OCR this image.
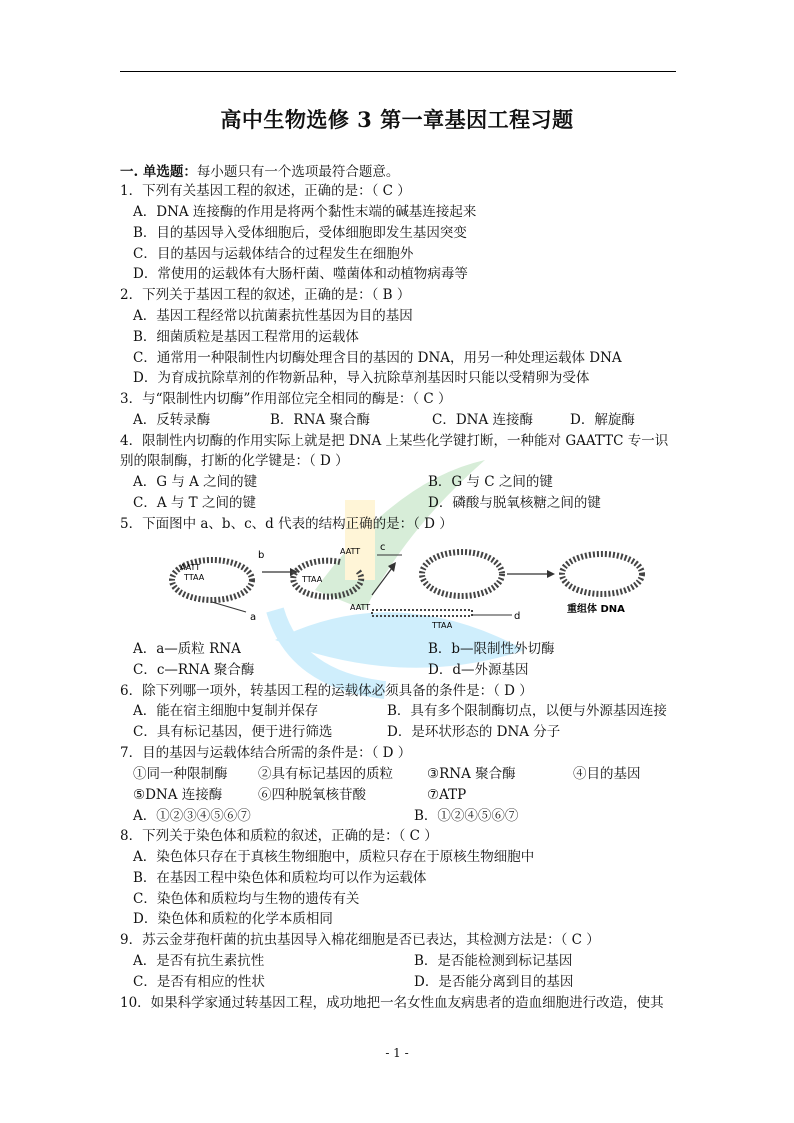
高中生物选修 3 第一章基因工程习题
一. 单选题：每小题只有一个选项最符合题意。
1．下列有关基因工程的叙述，正确的是：（ C ）
A．DNA 连接酶的作用是将两个黏性末端的碱基连接起来
B．目的基因导入受体细胞后，受体细胞即发生基因突变
C．目的基因与运载体结合的过程发生在细胞外
D．常使用的运载体有大肠杆菌、噬菌体和动植物病毒等
2．下列关于基因工程的叙述，正确的是：（ B ）
A．基因工程经常以抗菌素抗性基因为目的基因
B．细菌质粒是基因工程常用的运载体
C．通常用一种限制性内切酶处理含目的基因的 DNA，用另一种处理运载体 DNA
D．为育成抗除草剂的作物新品种，导入抗除草剂基因时只能以受精卵为受体
3．与“限制性内切酶”作用部位完全相同的酶是：（ C ）
A．反转录酶	B．RNA 聚合酶	C．DNA 连接酶	D．解旋酶
4．限制性内切酶的作用实际上就是把 DNA 上某些化学键打断，一种能对 GAATTC 专一识
别的限制酶，打断的化学键是：（ D ）
A．G 与 A 之间的键	B．G 与 C 之间的键
C．A 与 T 之间的键	D．磷酸与脱氧核糖之间的键
5．下面图中 a、b、c、d 代表的结构正确的是：（ D ）
AATT
TTAA
b
a
TTAA
AATT c
AATT
TTAA
d
重组体 DNA
A．a—质粒 RNA	B．b—限制性外切酶
C．c—RNA 聚合酶	D．d—外源基因
6．除下列哪一项外，转基因工程的运载体必须具备的条件是：（ D ）
A．能在宿主细胞中复制并保存	B．具有多个限制酶切点，以便与外源基因连接
C．具有标记基因，便于进行筛选	D．是环状形态的 DNA 分子
7．目的基因与运载体结合所需的条件是：（ D ）
①同一种限制酶 ②具有标记基因的质粒	③RNA 聚合酶	④目的基因
⑤DNA 连接酶	⑥四种脱氧核苷酸	⑦ATP
A．①②③④⑤⑥⑦	B．①②④⑤⑥⑦
8．下列关于染色体和质粒的叙述，正确的是：（ C ）
A．染色体只存在于真核生物细胞中，质粒只存在于原核生物细胞中
B．在基因工程中染色体和质粒均可以作为运载体
C．染色体和质粒均与生物的遗传有关
D．染色体和质粒的化学本质相同
9．苏云金芽孢杆菌的抗虫基因导入棉花细胞是否已表达，其检测方法是：（ C ）
A．是否有抗生素抗性	B．是否能检测到标记基因
C．是否有相应的性状	D．是否能分离到目的基因
10．如果科学家通过转基因工程，成功地把一名女性血友病患者的造血细胞进行改造，使其
- 1 -
